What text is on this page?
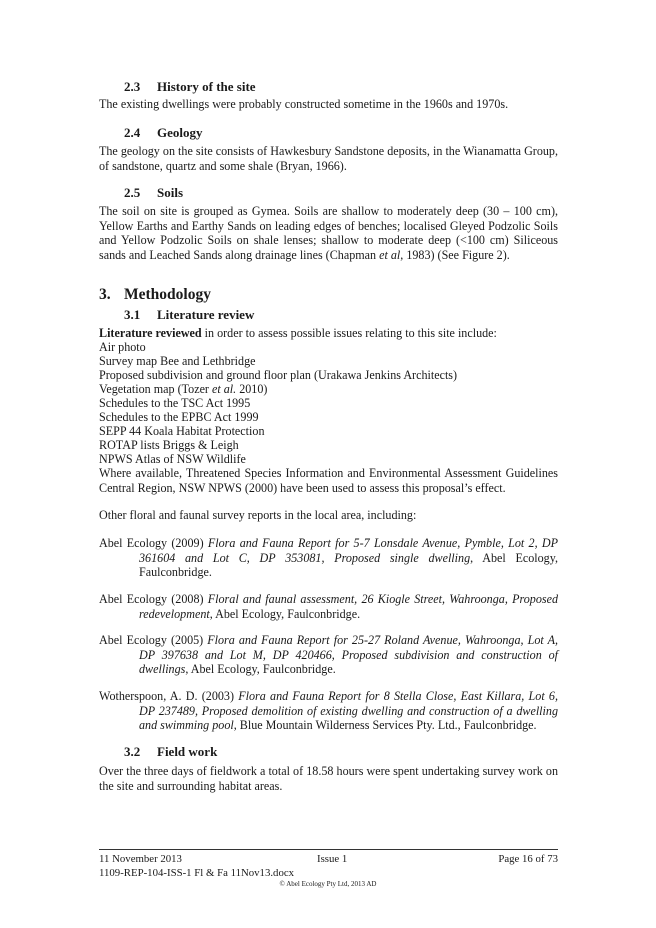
2.3 History of the site
The existing dwellings were probably constructed sometime in the 1960s and 1970s.
2.4 Geology
The geology on the site consists of Hawkesbury Sandstone deposits, in the Wianamatta Group, of sandstone, quartz and some shale (Bryan, 1966).
2.5 Soils
The soil on site is grouped as Gymea. Soils are shallow to moderately deep (30 – 100 cm), Yellow Earths and Earthy Sands on leading edges of benches; localised Gleyed Podzolic Soils and Yellow Podzolic Soils on shale lenses; shallow to moderate deep (<100 cm) Siliceous sands and Leached Sands along drainage lines (Chapman et al, 1983) (See Figure 2).
3. Methodology
3.1 Literature review
Literature reviewed in order to assess possible issues relating to this site include:
Air photo
Survey map Bee and Lethbridge
Proposed subdivision and ground floor plan (Urakawa Jenkins Architects)
Vegetation map (Tozer et al. 2010)
Schedules to the TSC Act 1995
Schedules to the EPBC Act 1999
SEPP 44 Koala Habitat Protection
ROTAP lists Briggs & Leigh
NPWS Atlas of NSW Wildlife
Where available, Threatened Species Information and Environmental Assessment Guidelines Central Region, NSW NPWS (2000) have been used to assess this proposal’s effect.
Other floral and faunal survey reports in the local area, including:
Abel Ecology (2009) Flora and Fauna Report for 5-7 Lonsdale Avenue, Pymble, Lot 2, DP 361604 and Lot C, DP 353081, Proposed single dwelling, Abel Ecology, Faulconbridge.
Abel Ecology (2008) Floral and faunal assessment, 26 Kiogle Street, Wahroonga, Proposed redevelopment, Abel Ecology, Faulconbridge.
Abel Ecology (2005) Flora and Fauna Report for 25-27 Roland Avenue, Wahroonga, Lot A, DP 397638 and Lot M, DP 420466, Proposed subdivision and construction of dwellings, Abel Ecology, Faulconbridge.
Wotherspoon, A. D. (2003) Flora and Fauna Report for 8 Stella Close, East Killara, Lot 6, DP 237489, Proposed demolition of existing dwelling and construction of a dwelling and swimming pool, Blue Mountain Wilderness Services Pty. Ltd., Faulconbridge.
3.2 Field work
Over the three days of fieldwork a total of 18.58 hours were spent undertaking survey work on the site and surrounding habitat areas.
11 November 2013	Issue 1	Page 16 of 73
1109-REP-104-ISS-1 Fl & Fa 11Nov13.docx
© Abel Ecology Pty Ltd, 2013 AD
